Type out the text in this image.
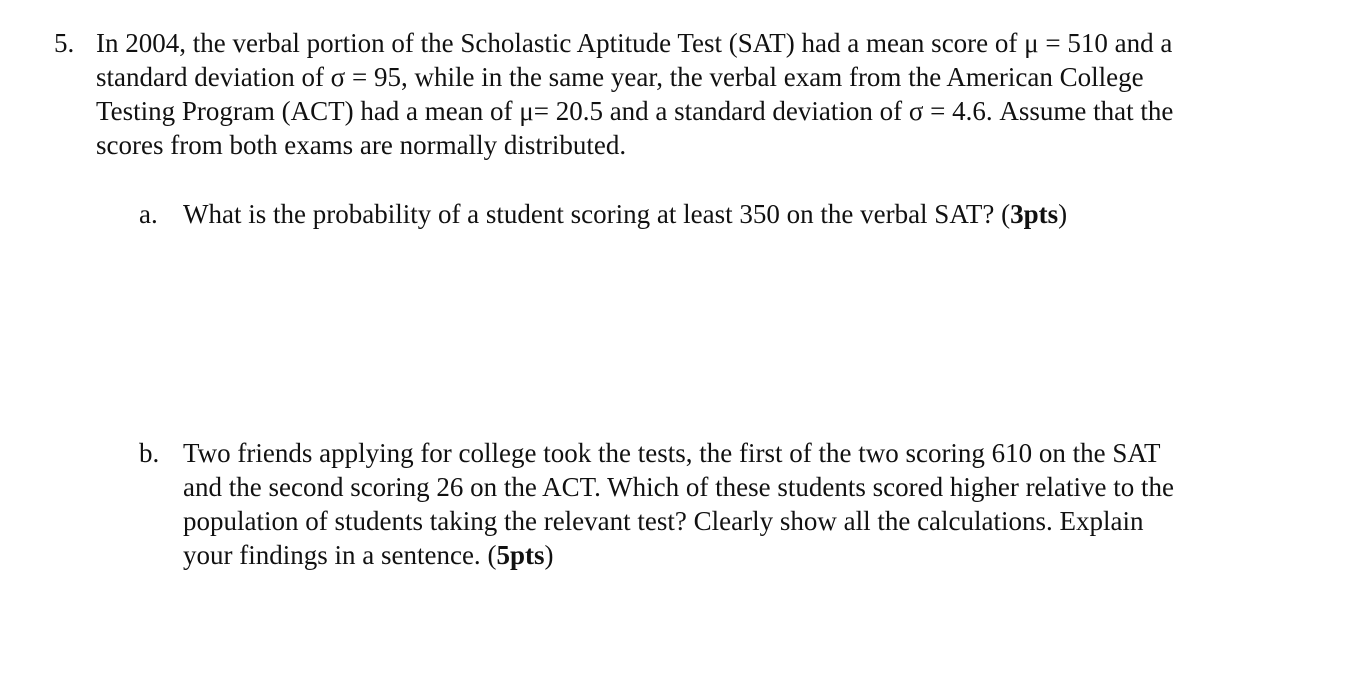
5. In 2004, the verbal portion of the Scholastic Aptitude Test (SAT) had a mean score of μ = 510 and a
standard deviation of σ = 95, while in the same year, the verbal exam from the American College
Testing Program (ACT) had a mean of μ= 20.5 and a standard deviation of σ = 4.6. Assume that the
scores from both exams are normally distributed.
a. What is the probability of a student scoring at least 350 on the verbal SAT? (3pts)
b. Two friends applying for college took the tests, the first of the two scoring 610 on the SAT
and the second scoring 26 on the ACT. Which of these students scored higher relative to the
population of students taking the relevant test? Clearly show all the calculations. Explain
your findings in a sentence. (5pts)
